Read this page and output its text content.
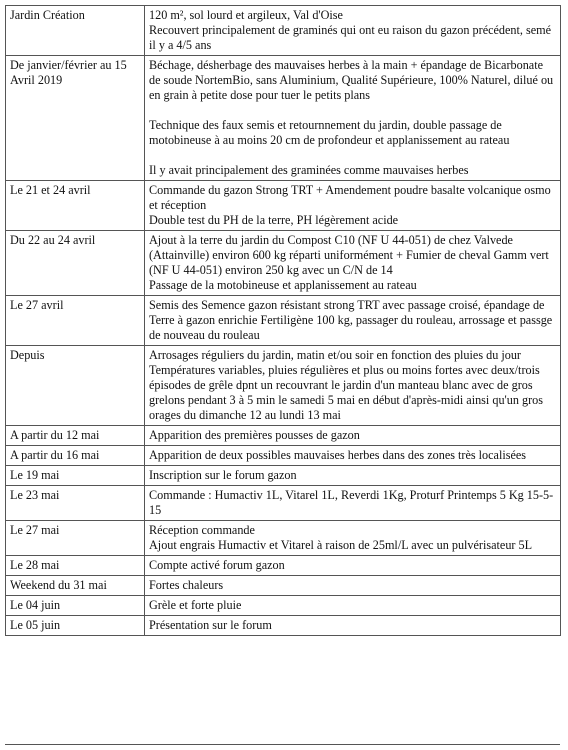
Jardin Création	120 m², sol lourd et argileux, Val d'Oise
Recouvert principalement de graminés qui ont eu raison du gazon précédent, semé il y a 4/5 ans
De janvier/février au 15 Avril 2019	Béchage, désherbage des mauvaises herbes à la main + épandage de Bicarbonate de soude NortemBio, sans Aluminium, Qualité Supérieure, 100% Naturel, dilué ou en grain à petite dose pour tuer le petits plans

Technique des faux semis et retournnement du jardin, double passage de motobineuse à au moins 20 cm de profondeur et applanissement au rateau

Il y avait principalement des graminées comme mauvaises herbes
Le 21 et 24 avril	Commande du gazon Strong TRT + Amendement poudre basalte volcanique osmo et réception
Double test du PH de la terre, PH légèrement acide
Du 22 au 24 avril	Ajout à la terre du jardin du Compost C10 (NF U 44-051) de chez Valvede (Attainville) environ 600 kg réparti uniformément + Fumier de cheval Gamm vert (NF U 44-051) environ 250 kg avec un C/N de 14
Passage de la motobineuse et applanissement au rateau
Le 27 avril	Semis des Semence gazon résistant strong TRT avec passage croisé, épandage de Terre à gazon enrichie Fertiligène 100 kg, passager du rouleau, arrossage et passge de nouveau du rouleau
Depuis	Arrosages réguliers du jardin, matin et/ou soir en fonction des pluies du jour
Températures variables, pluies régulières et plus ou moins fortes avec deux/trois épisodes de grêle dpnt un recouvrant le jardin d'un manteau blanc avec de gros grelons pendant 3 à 5 min le samedi 5 mai en début d'après-midi ainsi qu'un gros orages du dimanche 12 au lundi 13 mai
A partir du 12 mai	Apparition des premières pousses de gazon
A partir du 16 mai	Apparition de deux possibles mauvaises herbes dans des zones très localisées
Le 19 mai	Inscription sur le forum gazon
Le 23 mai	Commande : Humactiv 1L, Vitarel 1L, Reverdi 1Kg, Proturf Printemps 5 Kg 15-5-15
Le 27 mai	Réception commande
Ajout engrais Humactiv et Vitarel à raison de 25ml/L avec un pulvérisateur 5L
Le 28 mai	Compte activé forum gazon
Weekend du 31 mai	Fortes chaleurs
Le 04 juin	Grèle et forte pluie
Le 05 juin	Présentation sur le forum
